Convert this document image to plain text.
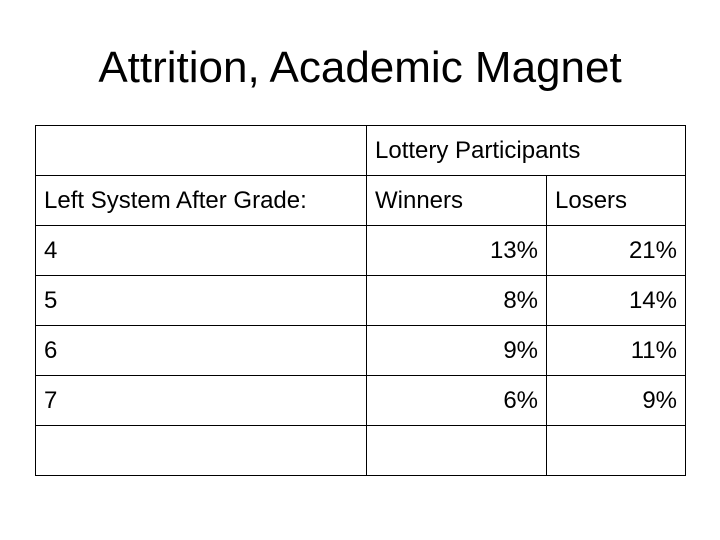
Attrition, Academic Magnet
	Lottery Participants	
Left System After Grade:	Winners	Losers
4	13%	21%
5	8%	14%
6	9%	11%
7	6%	9%
